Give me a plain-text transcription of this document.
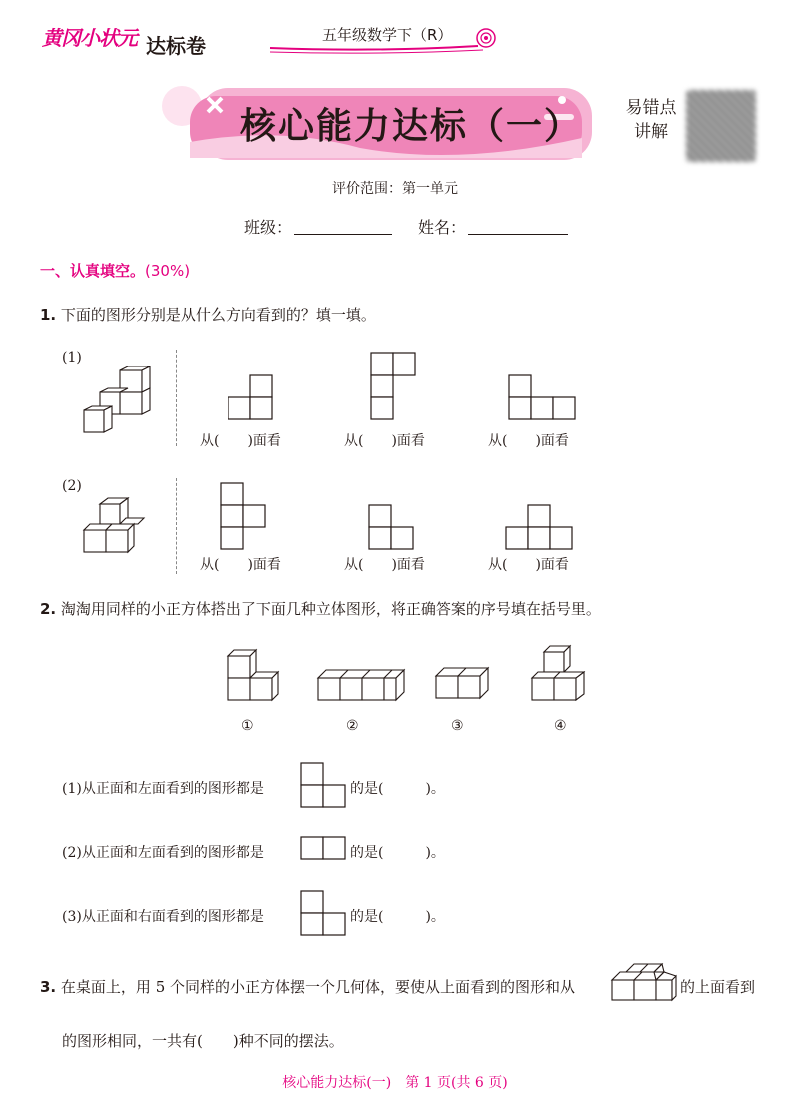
黄冈小状元 达标卷	五年级数学下（R）
核心能力达标（一）	易错点
讲解
评价范围：第一单元
班级：	姓名：
一、认真填空。(30%)
1. 下面的图形分别是从什么方向看到的？填一填。
(1)
从(　　)面看	从(　　)面看	从(　　)面看
(2)
从(　　)面看	从(　　)面看	从(　　)面看
2. 淘淘用同样的小正方体搭出了下面几种立体图形，将正确答案的序号填在括号里。
①	②	③	④
(1)从正面和左面看到的图形都是	的是(　　　)。
(2)从正面和左面看到的图形都是	的是(　　　)。
(3)从正面和右面看到的图形都是	的是(　　　)。
3. 在桌面上，用 5 个同样的小正方体摆一个几何体，要使从上面看到的图形和从	的上面看到
的图形相同，一共有(　　)种不同的摆法。
核心能力达标(一)　第 1 页(共 6 页)
